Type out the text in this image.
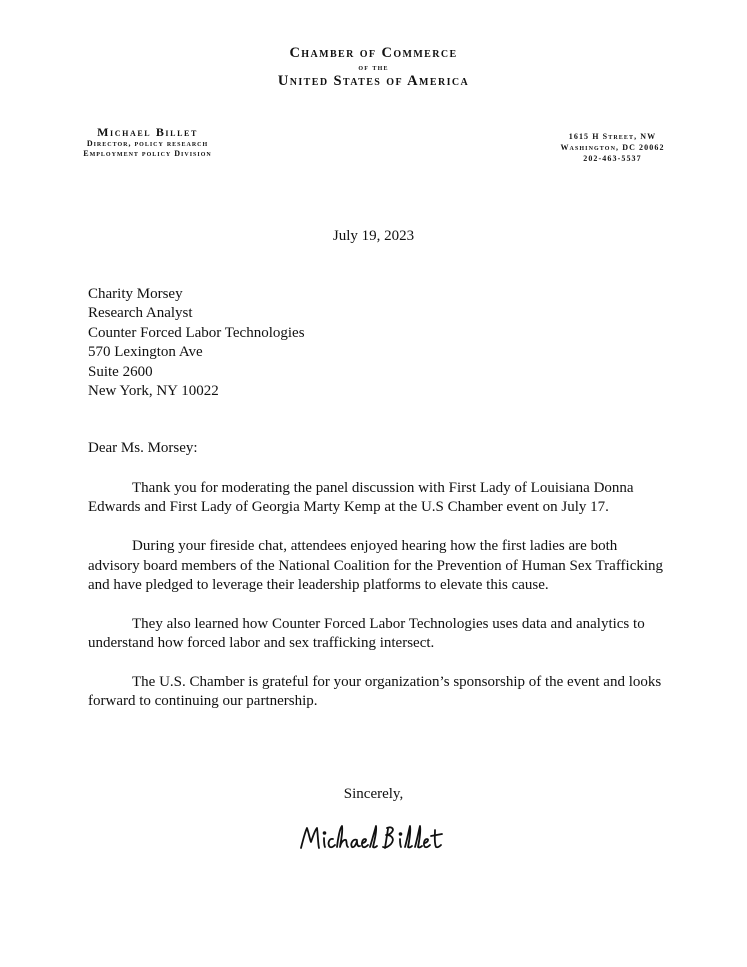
Chamber of Commerce
of the
United States of America
Michael Billet
Director, policy research
Employment policy Division
1615 H Street, NW
Washington, DC 20062
202-463-5537
July 19, 2023
Charity Morsey
Research Analyst
Counter Forced Labor Technologies
570 Lexington Ave
Suite 2600
New York, NY 10022
Dear Ms. Morsey:

Thank you for moderating the panel discussion with First Lady of Louisiana Donna Edwards and First Lady of Georgia Marty Kemp at the U.S Chamber event on July 17.

During your fireside chat, attendees enjoyed hearing how the first ladies are both advisory board members of the National Coalition for the Prevention of Human Sex Trafficking and have pledged to leverage their leadership platforms to elevate this cause.

They also learned how Counter Forced Labor Technologies uses data and analytics to understand how forced labor and sex trafficking intersect.

The U.S. Chamber is grateful for your organization’s sponsorship of the event and looks forward to continuing our partnership.

Sincerely,
